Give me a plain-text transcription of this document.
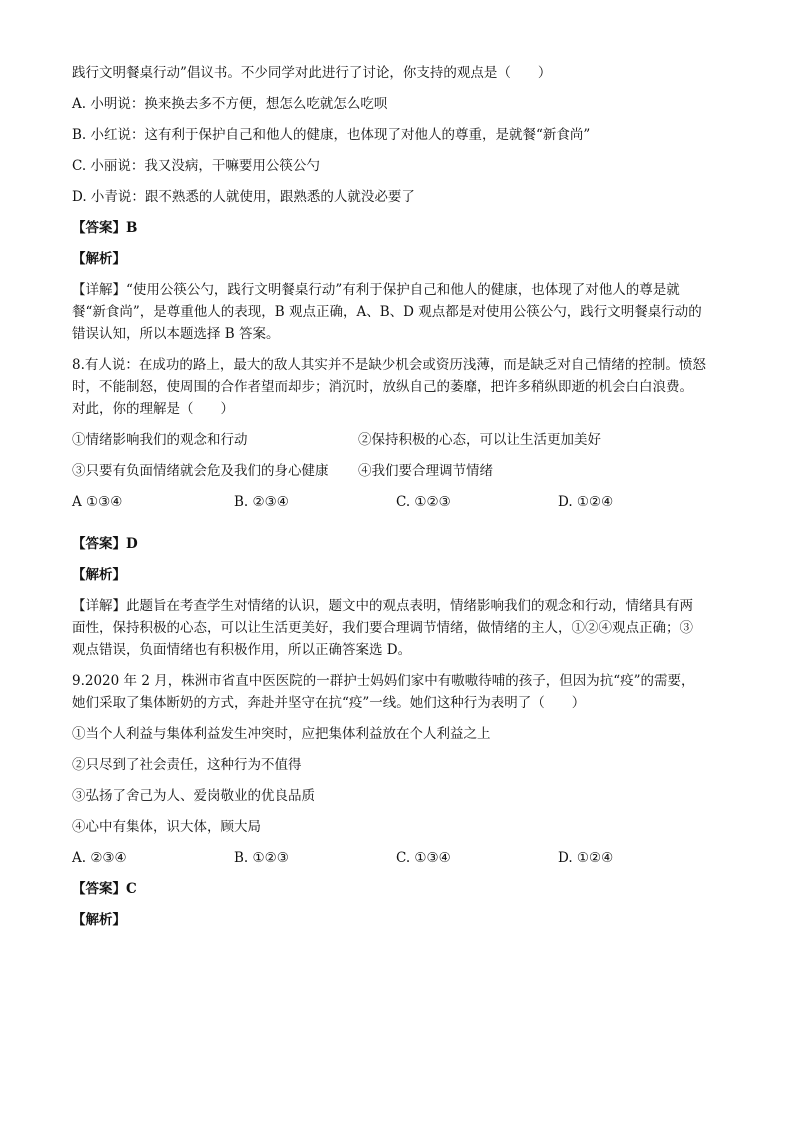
践行文明餐桌行动”倡议书。不少同学对此进行了讨论，你支持的观点是（　　）
A. 小明说：换来换去多不方便，想怎么吃就怎么吃呗
B. 小红说：这有利于保护自己和他人的健康，也体现了对他人的尊重，是就餐“新食尚”
C. 小丽说：我又没病，干嘛要用公筷公勺
D. 小青说：跟不熟悉的人就使用，跟熟悉的人就没必要了
【答案】B
【解析】
【详解】“使用公筷公勺，践行文明餐桌行动”有利于保护自己和他人的健康，也体现了对他人的尊是就
餐“新食尚”，是尊重他人的表现，B 观点正确，A、B、D 观点都是对使用公筷公勺，践行文明餐桌行动的
错误认知，所以本题选择 B 答案。
8.有人说：在成功的路上，最大的敌人其实并不是缺少机会或资历浅薄，而是缺乏对自己情绪的控制。愤怒
时，不能制怒，使周围的合作者望而却步；消沉时，放纵自己的萎靡，把许多稍纵即逝的机会白白浪费。
对此，你的理解是（　　）
①情绪影响我们的观念和行动	②保持积极的心态，可以让生活更加美好
③只要有负面情绪就会危及我们的身心健康	④我们要合理调节情绪
A ①③④	B. ②③④	C. ①②③	D. ①②④
【答案】D
【解析】
【详解】此题旨在考查学生对情绪的认识，题文中的观点表明，情绪影响我们的观念和行动，情绪具有两
面性，保持积极的心态，可以让生活更美好，我们要合理调节情绪，做情绪的主人，①②④观点正确；③
观点错误，负面情绪也有积极作用，所以正确答案选 D。
9.2020 年 2 月，株洲市省直中医医院的一群护士妈妈们家中有嗷嗷待哺的孩子，但因为抗“疫”的需要，
她们采取了集体断奶的方式，奔赴并坚守在抗“疫”一线。她们这种行为表明了（　　）
①当个人利益与集体利益发生冲突时，应把集体利益放在个人利益之上
②只尽到了社会责任，这种行为不值得
③弘扬了舍己为人、爱岗敬业的优良品质
④心中有集体，识大体，顾大局
A. ②③④	B. ①②③	C. ①③④	D. ①②④
【答案】C
【解析】
